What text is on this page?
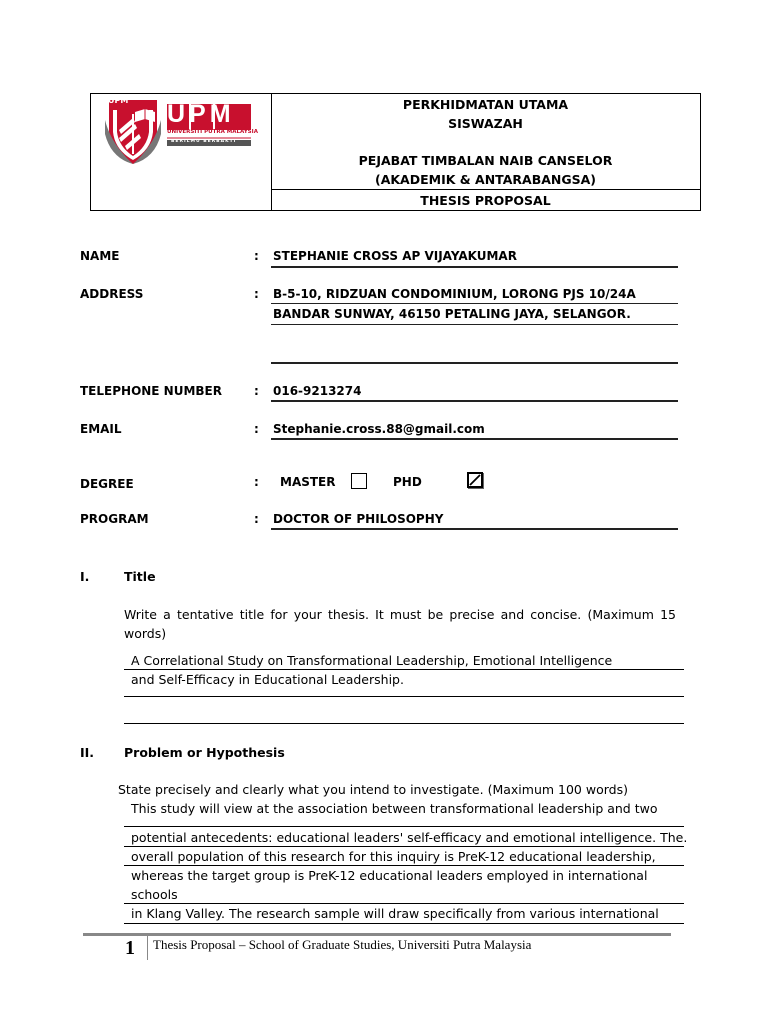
UPM UPM
UNIVERSITI PUTRA MALAYSIA
BERILMU BERBAKTI
PERKHIDMATAN UTAMA
SISWAZAH
PEJABAT TIMBALAN NAIB CANSELOR
(AKADEMIK & ANTARABANGSA)
THESIS PROPOSAL
NAME	: STEPHANIE CROSS AP VIJAYAKUMAR
ADDRESS	: B-5-10, RIDZUAN CONDOMINIUM, LORONG PJS 10/24A
BANDAR SUNWAY, 46150 PETALING JAYA, SELANGOR.
TELEPHONE NUMBER	: 016-9213274
EMAIL	: Stephanie.cross.88@gmail.com
DEGREE	: MASTER	PHD
PROGRAM	: DOCTOR OF PHILOSOPHY
I.	Title
Write a tentative title for your thesis. It must be precise and concise. (Maximum 15
words)
A Correlational Study on Transformational Leadership, Emotional Intelligence
and Self-Efficacy in Educational Leadership.
II. Problem or Hypothesis
State precisely and clearly what you intend to investigate. (Maximum 100 words)
This study will view at the association between transformational leadership and two
potential antecedents: educational leaders' self-efficacy and emotional intelligence. The.
overall population of this research for this inquiry is PreK-12 educational leadership,
whereas the target group is PreK-12 educational leaders employed in international
schools
in Klang Valley. The research sample will draw specifically from various international
1 Thesis Proposal – School of Graduate Studies, Universiti Putra Malaysia
